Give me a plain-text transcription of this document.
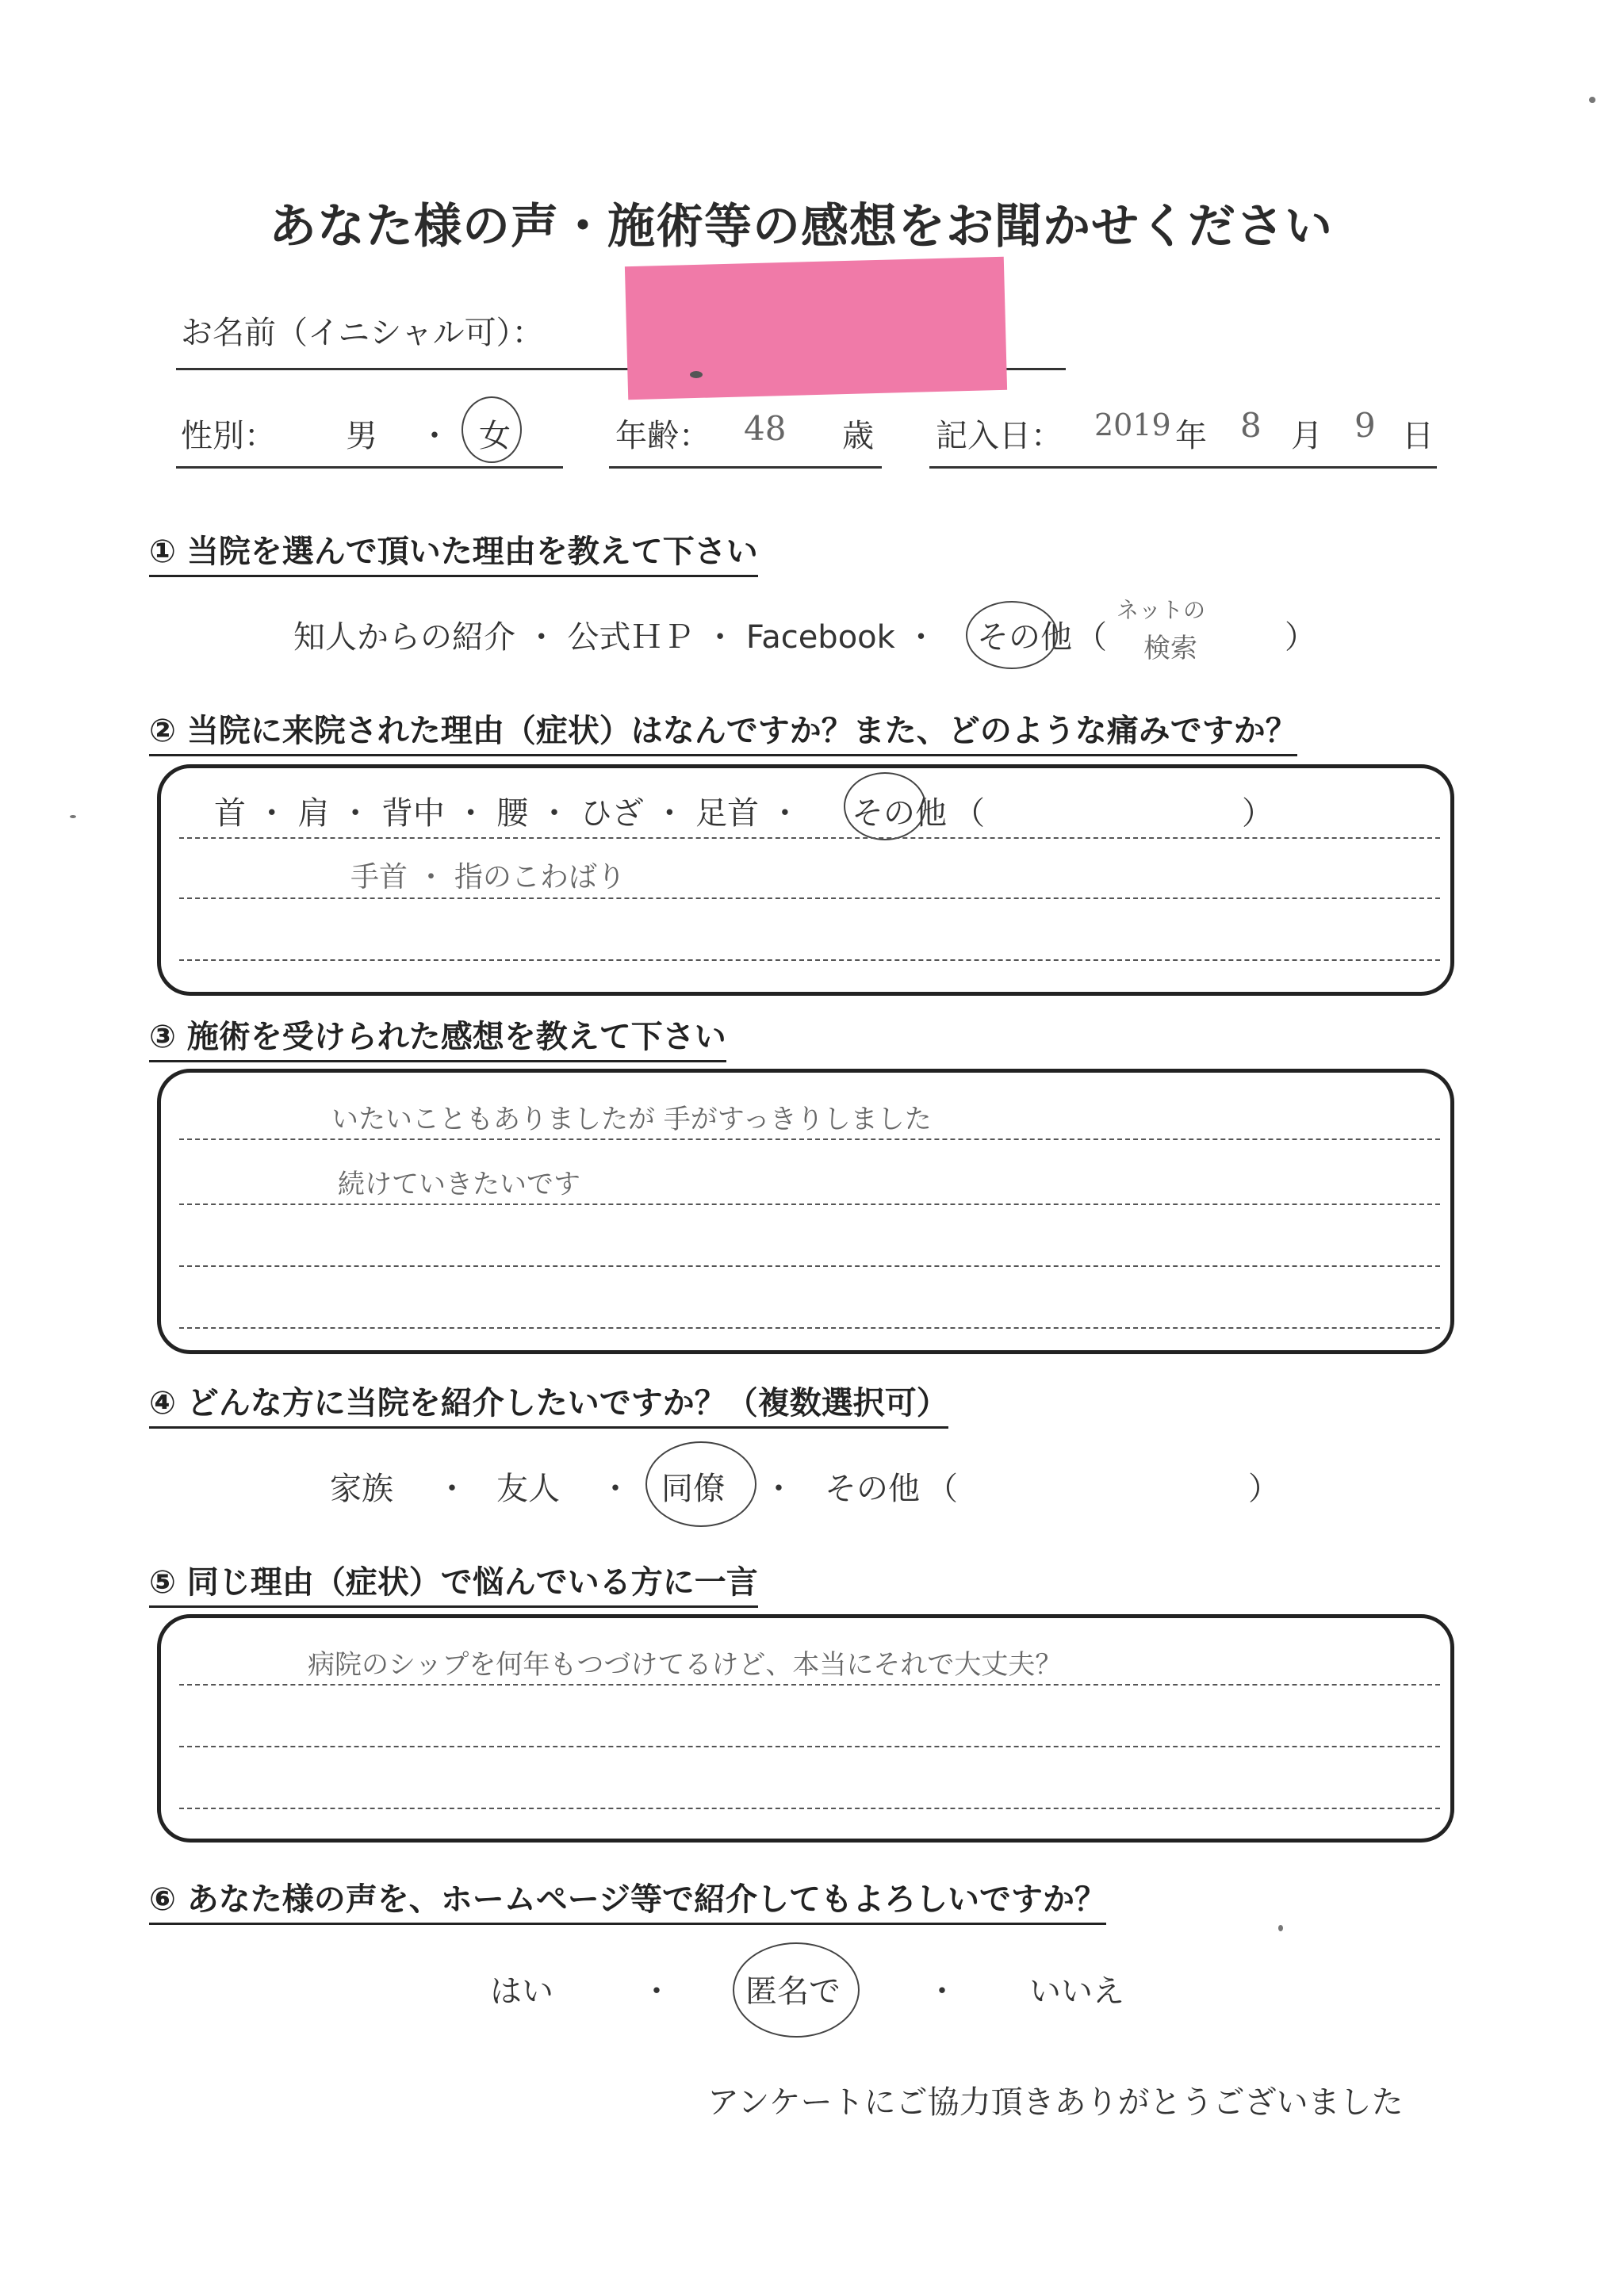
あなた様の声・施術等の感想をお聞かせください
お名前（イニシャル可）：
性別： 男 ・ 女	年齢： 48 歳 記入日： 2019 年 8 月 9 日
① 当院を選んで頂いた理由を教えて下さい
知人からの紹介 ・ 公式ＨＰ ・ Facebook ・ その他 （
ネットの
検索	）
② 当院に来院された理由（症状）はなんですか？また、どのような痛みですか？
首 ・ 肩 ・ 背中 ・ 腰 ・ ひざ ・ 足首 ・ その他 （	）
手首 ・ 指のこわばり
③ 施術を受けられた感想を教えて下さい
いたいこともありましたが 手がすっきりしました
続けていきたいです
④ どんな方に当院を紹介したいですか？（複数選択可）
家族 ・ 友人 ・ 同僚 ・ その他 （	）
⑤ 同じ理由（症状）で悩んでいる方に一言
病院のシップを何年もつづけてるけど、本当にそれで大丈夫？
⑥ あなた様の声を、ホームページ等で紹介してもよろしいですか？
はい	・ 匿名で	・ いいえ
アンケートにご協力頂きありがとうございました
